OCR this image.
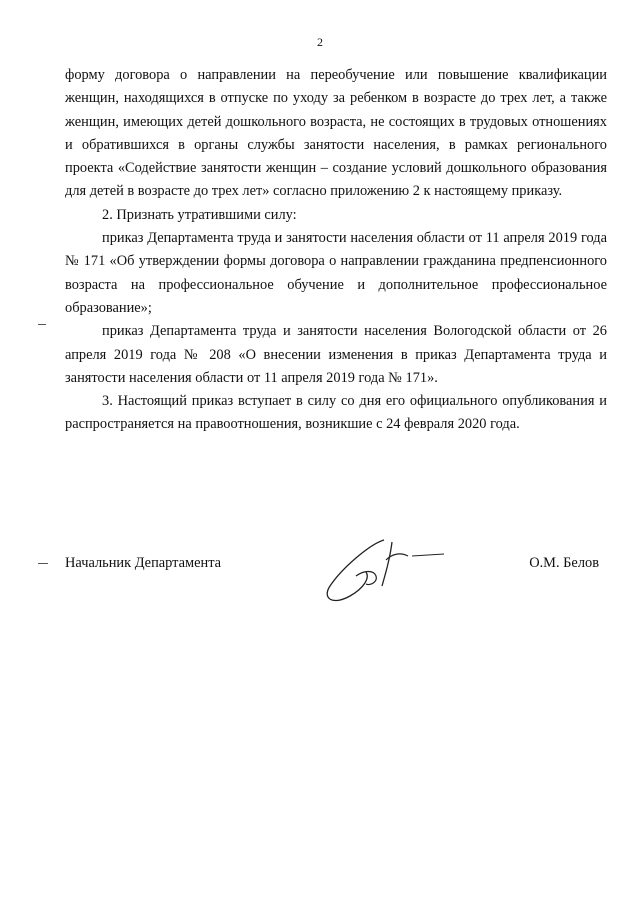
2

форму договора о направлении на переобучение или повышение квалификации женщин, находящихся в отпуске по уходу за ребенком в возрасте до трех лет, а также женщин, имеющих детей дошкольного возраста, не состоящих в трудовых отношениях и обратившихся в органы службы занятости населения, в рамках регионального проекта «Содействие занятости женщин – создание условий дошкольного образования для детей в возрасте до трех лет» согласно приложению 2 к настоящему приказу.

2. Признать утратившими силу:

приказ Департамента труда и занятости населения области от 11 апреля 2019 года № 171 «Об утверждении формы договора о направлении гражданина предпенсионного возраста на профессиональное обучение и дополнительное профессиональное образование»;

приказ Департамента труда и занятости населения Вологодской области от 26 апреля 2019 года № 208 «О внесении изменения в приказ Департамента труда и занятости населения области от 11 апреля 2019 года № 171».

3. Настоящий приказ вступает в силу со дня его официального опубликования и распространяется на правоотношения, возникшие с 24 февраля 2020 года.

Начальник Департамента	О.М. Белов
